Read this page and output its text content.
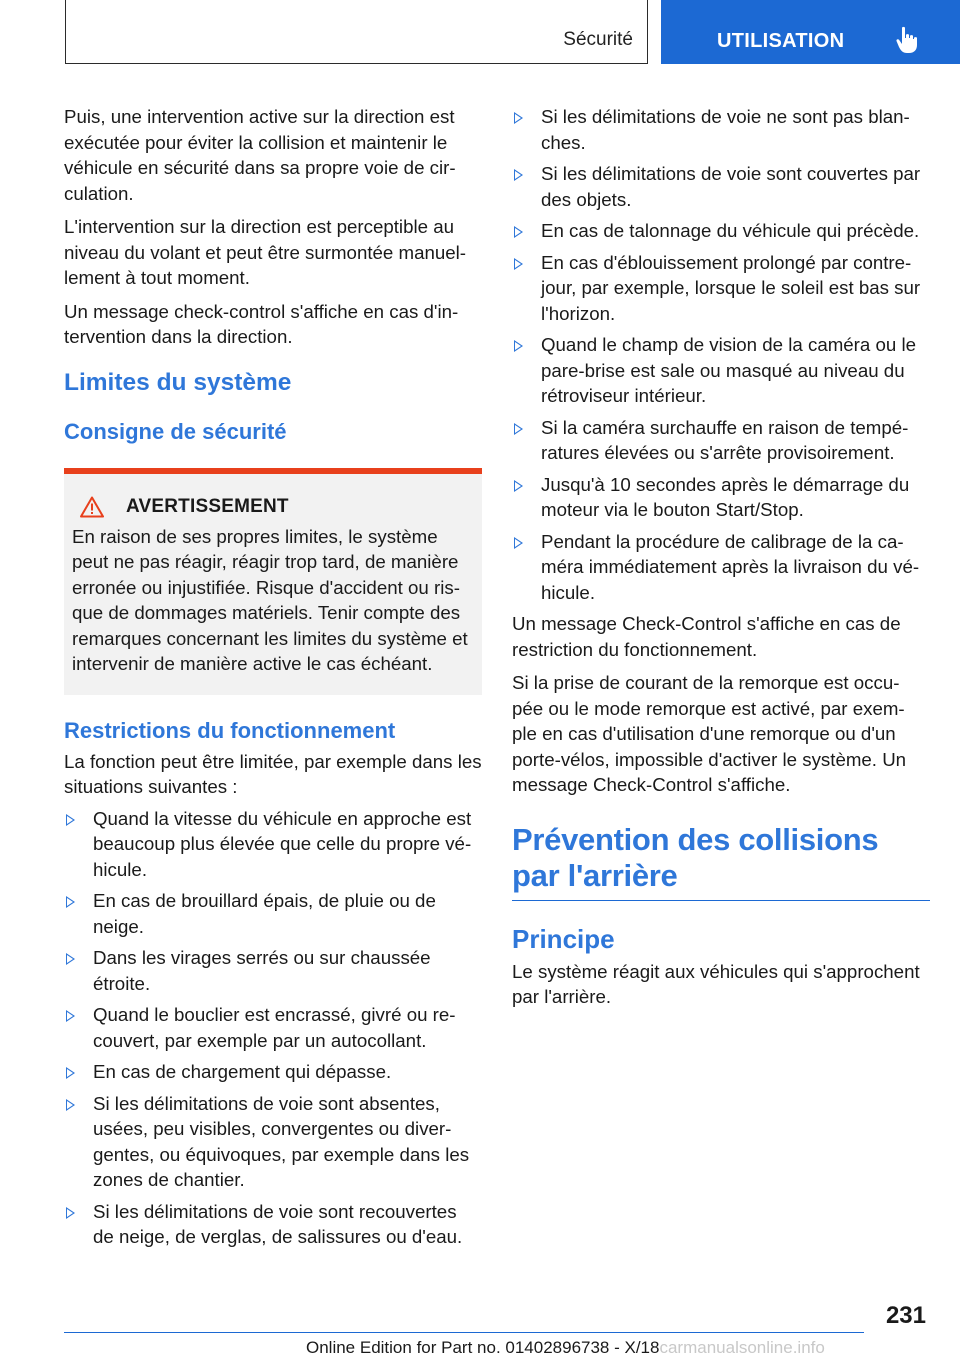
Sécurité	UTILISATION

Puis, une intervention active sur la direction est exécutée pour éviter la collision et maintenir le véhicule en sécurité dans sa propre voie de cir‐ culation.

L'intervention sur la direction est perceptible au niveau du volant et peut être surmontée manuel‐ lement à tout moment.

Un message check-control s'affiche en cas d'in‐ tervention dans la direction.

Limites du système
Consigne de sécurité
AVERTISSEMENT

En raison de ses propres limites, le système peut ne pas réagir, réagir trop tard, de manière erronée ou injustifiée. Risque d'accident ou ris‐ que de dommages matériels. Tenir compte des remarques concernant les limites du système et intervenir de manière active le cas échéant.

Restrictions du fonctionnement

La fonction peut être limitée, par exemple dans les situations suivantes :

Quand la vitesse du véhicule en approche est beaucoup plus élevée que celle du propre vé‐ hicule.
En cas de brouillard épais, de pluie ou de neige.
Dans les virages serrés ou sur chaussée étroite.
Quand le bouclier est encrassé, givré ou re‐ couvert, par exemple par un autocollant.
En cas de chargement qui dépasse.
Si les délimitations de voie sont absentes, usées, peu visibles, convergentes ou diver‐ gentes, ou équivoques, par exemple dans les zones de chantier.
Si les délimitations de voie sont recouvertes de neige, de verglas, de salissures ou d'eau.
Si les délimitations de voie ne sont pas blan‐ ches.
Si les délimitations de voie sont couvertes par des objets.
En cas de talonnage du véhicule qui précède.
En cas d'éblouissement prolongé par contre- jour, par exemple, lorsque le soleil est bas sur l'horizon.
Quand le champ de vision de la caméra ou le pare-brise est sale ou masqué au niveau du rétroviseur intérieur.
Si la caméra surchauffe en raison de tempé‐ ratures élevées ou s'arrête provisoirement.
Jusqu'à 10 secondes après le démarrage du moteur via le bouton Start/Stop.
Pendant la procédure de calibrage de la ca‐ méra immédiatement après la livraison du vé‐ hicule.

Un message Check-Control s'affiche en cas de restriction du fonctionnement.

Si la prise de courant de la remorque est occu‐ pée ou le mode remorque est activé, par exem‐ ple en cas d'utilisation d'une remorque ou d'un porte-vélos, impossible d'activer le système. Un message Check-Control s'affiche.

Prévention des collisions par l'arrière
Principe

Le système réagit aux véhicules qui s'approchent par l'arrière.

231
Online Edition for Part no. 01402896738 - X/18carmanualsonline.info
